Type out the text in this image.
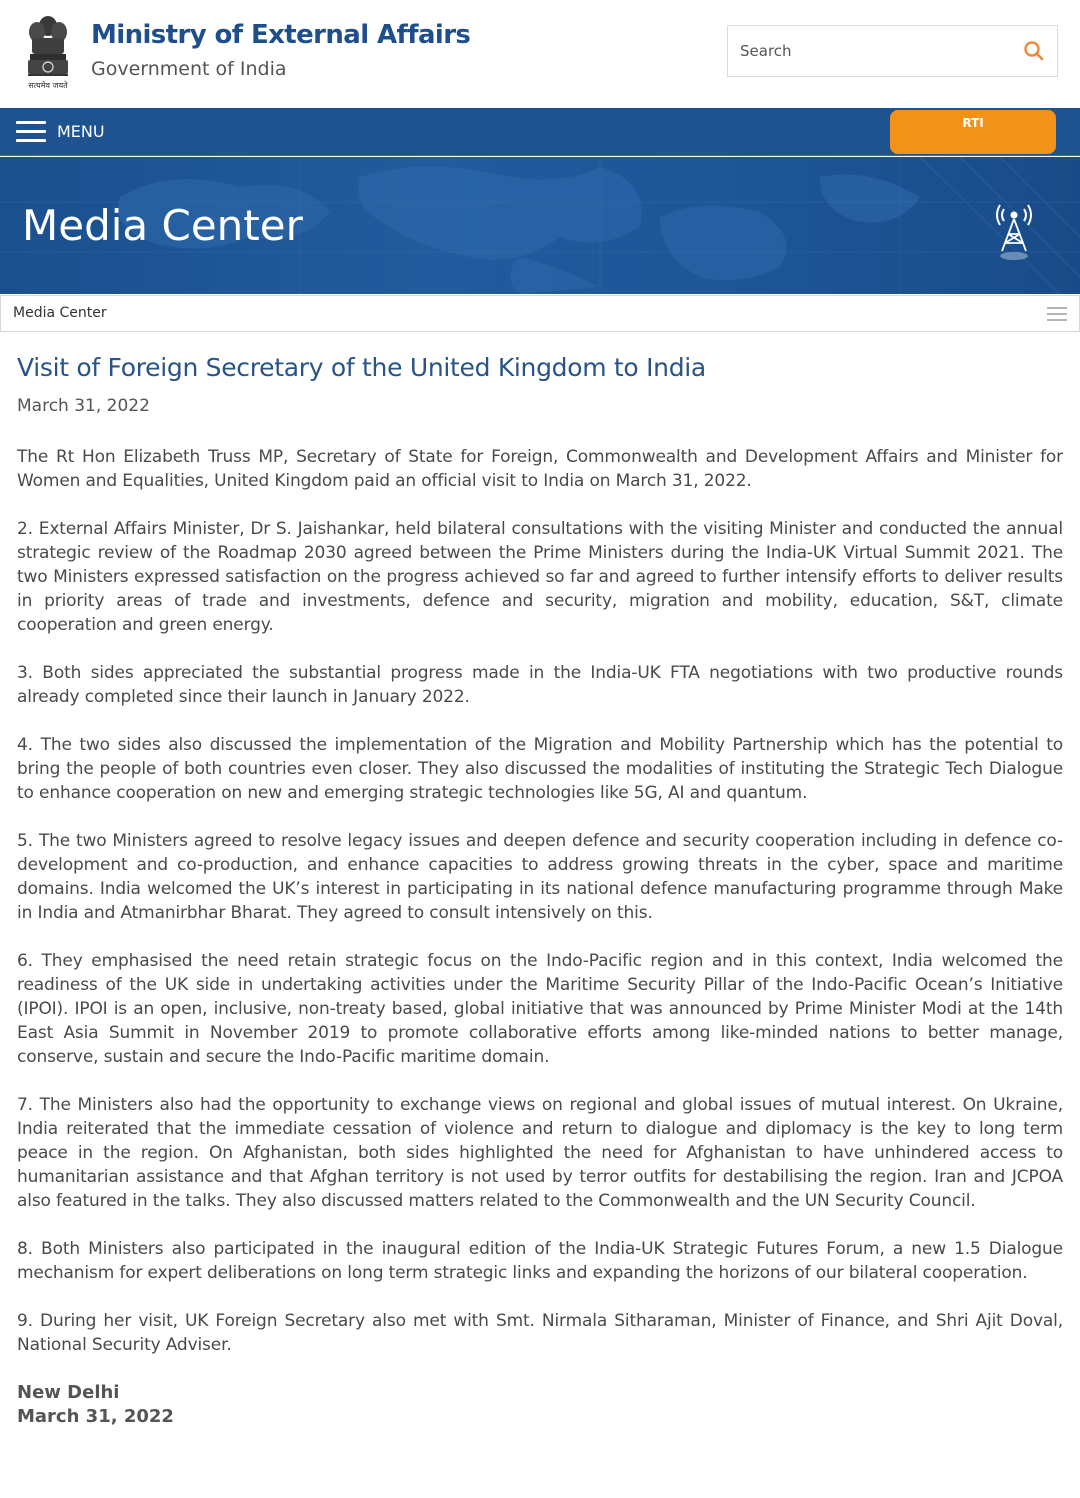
सत्यमेव जयते
Ministry of External Affairs
Government of India
Search
MENU	RTI
Media Center
Media Center
Visit of Foreign Secretary of the United Kingdom to India
March 31, 2022

The Rt Hon Elizabeth Truss MP, Secretary of State for Foreign, Commonwealth and Development Affairs and Minister for Women and Equalities, United Kingdom paid an official visit to India on March 31, 2022.

2. External Affairs Minister, Dr S. Jaishankar, held bilateral consultations with the visiting Minister and conducted the annual strategic review of the Roadmap 2030 agreed between the Prime Ministers during the India-UK Virtual Summit 2021. The two Ministers expressed satisfaction on the progress achieved so far and agreed to further intensify efforts to deliver results in priority areas of trade and investments, defence and security, migration and mobility, education, S&T, climate cooperation and green energy.

3. Both sides appreciated the substantial progress made in the India-UK FTA negotiations with two productive rounds already completed since their launch in January 2022.

4. The two sides also discussed the implementation of the Migration and Mobility Partnership which has the potential to bring the people of both countries even closer. They also discussed the modalities of instituting the Strategic Tech Dialogue to enhance cooperation on new and emerging strategic technologies like 5G, AI and quantum.

5. The two Ministers agreed to resolve legacy issues and deepen defence and security cooperation including in defence co-development and co-production, and enhance capacities to address growing threats in the cyber, space and maritime domains. India welcomed the UK’s interest in participating in its national defence manufacturing programme through Make in India and Atmanirbhar Bharat. They agreed to consult intensively on this.

6. They emphasised the need retain strategic focus on the Indo-Pacific region and in this context, India welcomed the readiness of the UK side in undertaking activities under the Maritime Security Pillar of the Indo-Pacific Ocean’s Initiative (IPOI). IPOI is an open, inclusive, non-treaty based, global initiative that was announced by Prime Minister Modi at the 14th East Asia Summit in November 2019 to promote collaborative efforts among like-minded nations to better manage, conserve, sustain and secure the Indo-Pacific maritime domain.

7. The Ministers also had the opportunity to exchange views on regional and global issues of mutual interest. On Ukraine, India reiterated that the immediate cessation of violence and return to dialogue and diplomacy is the key to long term peace in the region. On Afghanistan, both sides highlighted the need for Afghanistan to have unhindered access to humanitarian assistance and that Afghan territory is not used by terror outfits for destabilising the region. Iran and JCPOA also featured in the talks. They also discussed matters related to the Commonwealth and the UN Security Council.

8. Both Ministers also participated in the inaugural edition of the India-UK Strategic Futures Forum, a new 1.5 Dialogue mechanism for expert deliberations on long term strategic links and expanding the horizons of our bilateral cooperation.

9. During her visit, UK Foreign Secretary also met with Smt. Nirmala Sitharaman, Minister of Finance, and Shri Ajit Doval, National Security Adviser.

New Delhi
March 31, 2022
